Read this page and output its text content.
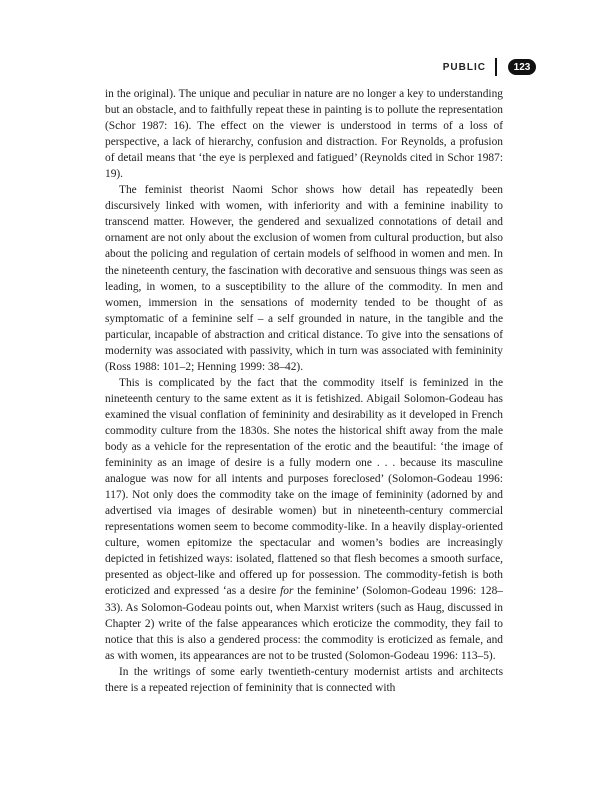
PUBLIC	123

in the original). The unique and peculiar in nature are no longer a key to understanding but an obstacle, and to faithfully repeat these in painting is to pollute the representation (Schor 1987: 16). The effect on the viewer is understood in terms of a loss of perspective, a lack of hierarchy, confusion and distraction. For Reynolds, a profusion of detail means that ‘the eye is perplexed and fatigued’ (Reynolds cited in Schor 1987: 19).

The feminist theorist Naomi Schor shows how detail has repeatedly been discursively linked with women, with inferiority and with a feminine inability to transcend matter. However, the gendered and sexualized connotations of detail and ornament are not only about the exclusion of women from cultural production, but also about the policing and regulation of certain models of selfhood in women and men. In the nineteenth century, the fascination with decorative and sensuous things was seen as leading, in women, to a susceptibility to the allure of the commodity. In men and women, immersion in the sensations of modernity tended to be thought of as symptomatic of a feminine self – a self grounded in nature, in the tangible and the particular, incapable of abstraction and critical distance. To give into the sensations of modernity was associated with passivity, which in turn was associated with femininity (Ross 1988: 101–2; Henning 1999: 38–42).

This is complicated by the fact that the commodity itself is feminized in the nineteenth century to the same extent as it is fetishized. Abigail Solomon-Godeau has examined the visual conflation of femininity and desirability as it developed in French commodity culture from the 1830s. She notes the historical shift away from the male body as a vehicle for the representation of the erotic and the beautiful: ‘the image of femininity as an image of desire is a fully modern one . . . because its masculine analogue was now for all intents and purposes foreclosed’ (Solomon-Godeau 1996: 117). Not only does the commodity take on the image of femininity (adorned by and advertised via images of desirable women) but in nineteenth-century commercial representations women seem to become commodity-like. In a heavily display-oriented culture, women epitomize the spectacular and women’s bodies are increasingly depicted in fetishized ways: isolated, flattened so that flesh becomes a smooth surface, presented as object-like and offered up for possession. The commodity-fetish is both eroticized and expressed ‘as a desire for the feminine’ (Solomon-Godeau 1996: 128–33). As Solomon-Godeau points out, when Marxist writers (such as Haug, discussed in Chapter 2) write of the false appearances which eroticize the commodity, they fail to notice that this is also a gendered process: the commodity is eroticized as female, and as with women, its appearances are not to be trusted (Solomon-Godeau 1996: 113–5).

In the writings of some early twentieth-century modernist artists and architects there is a repeated rejection of femininity that is connected with
